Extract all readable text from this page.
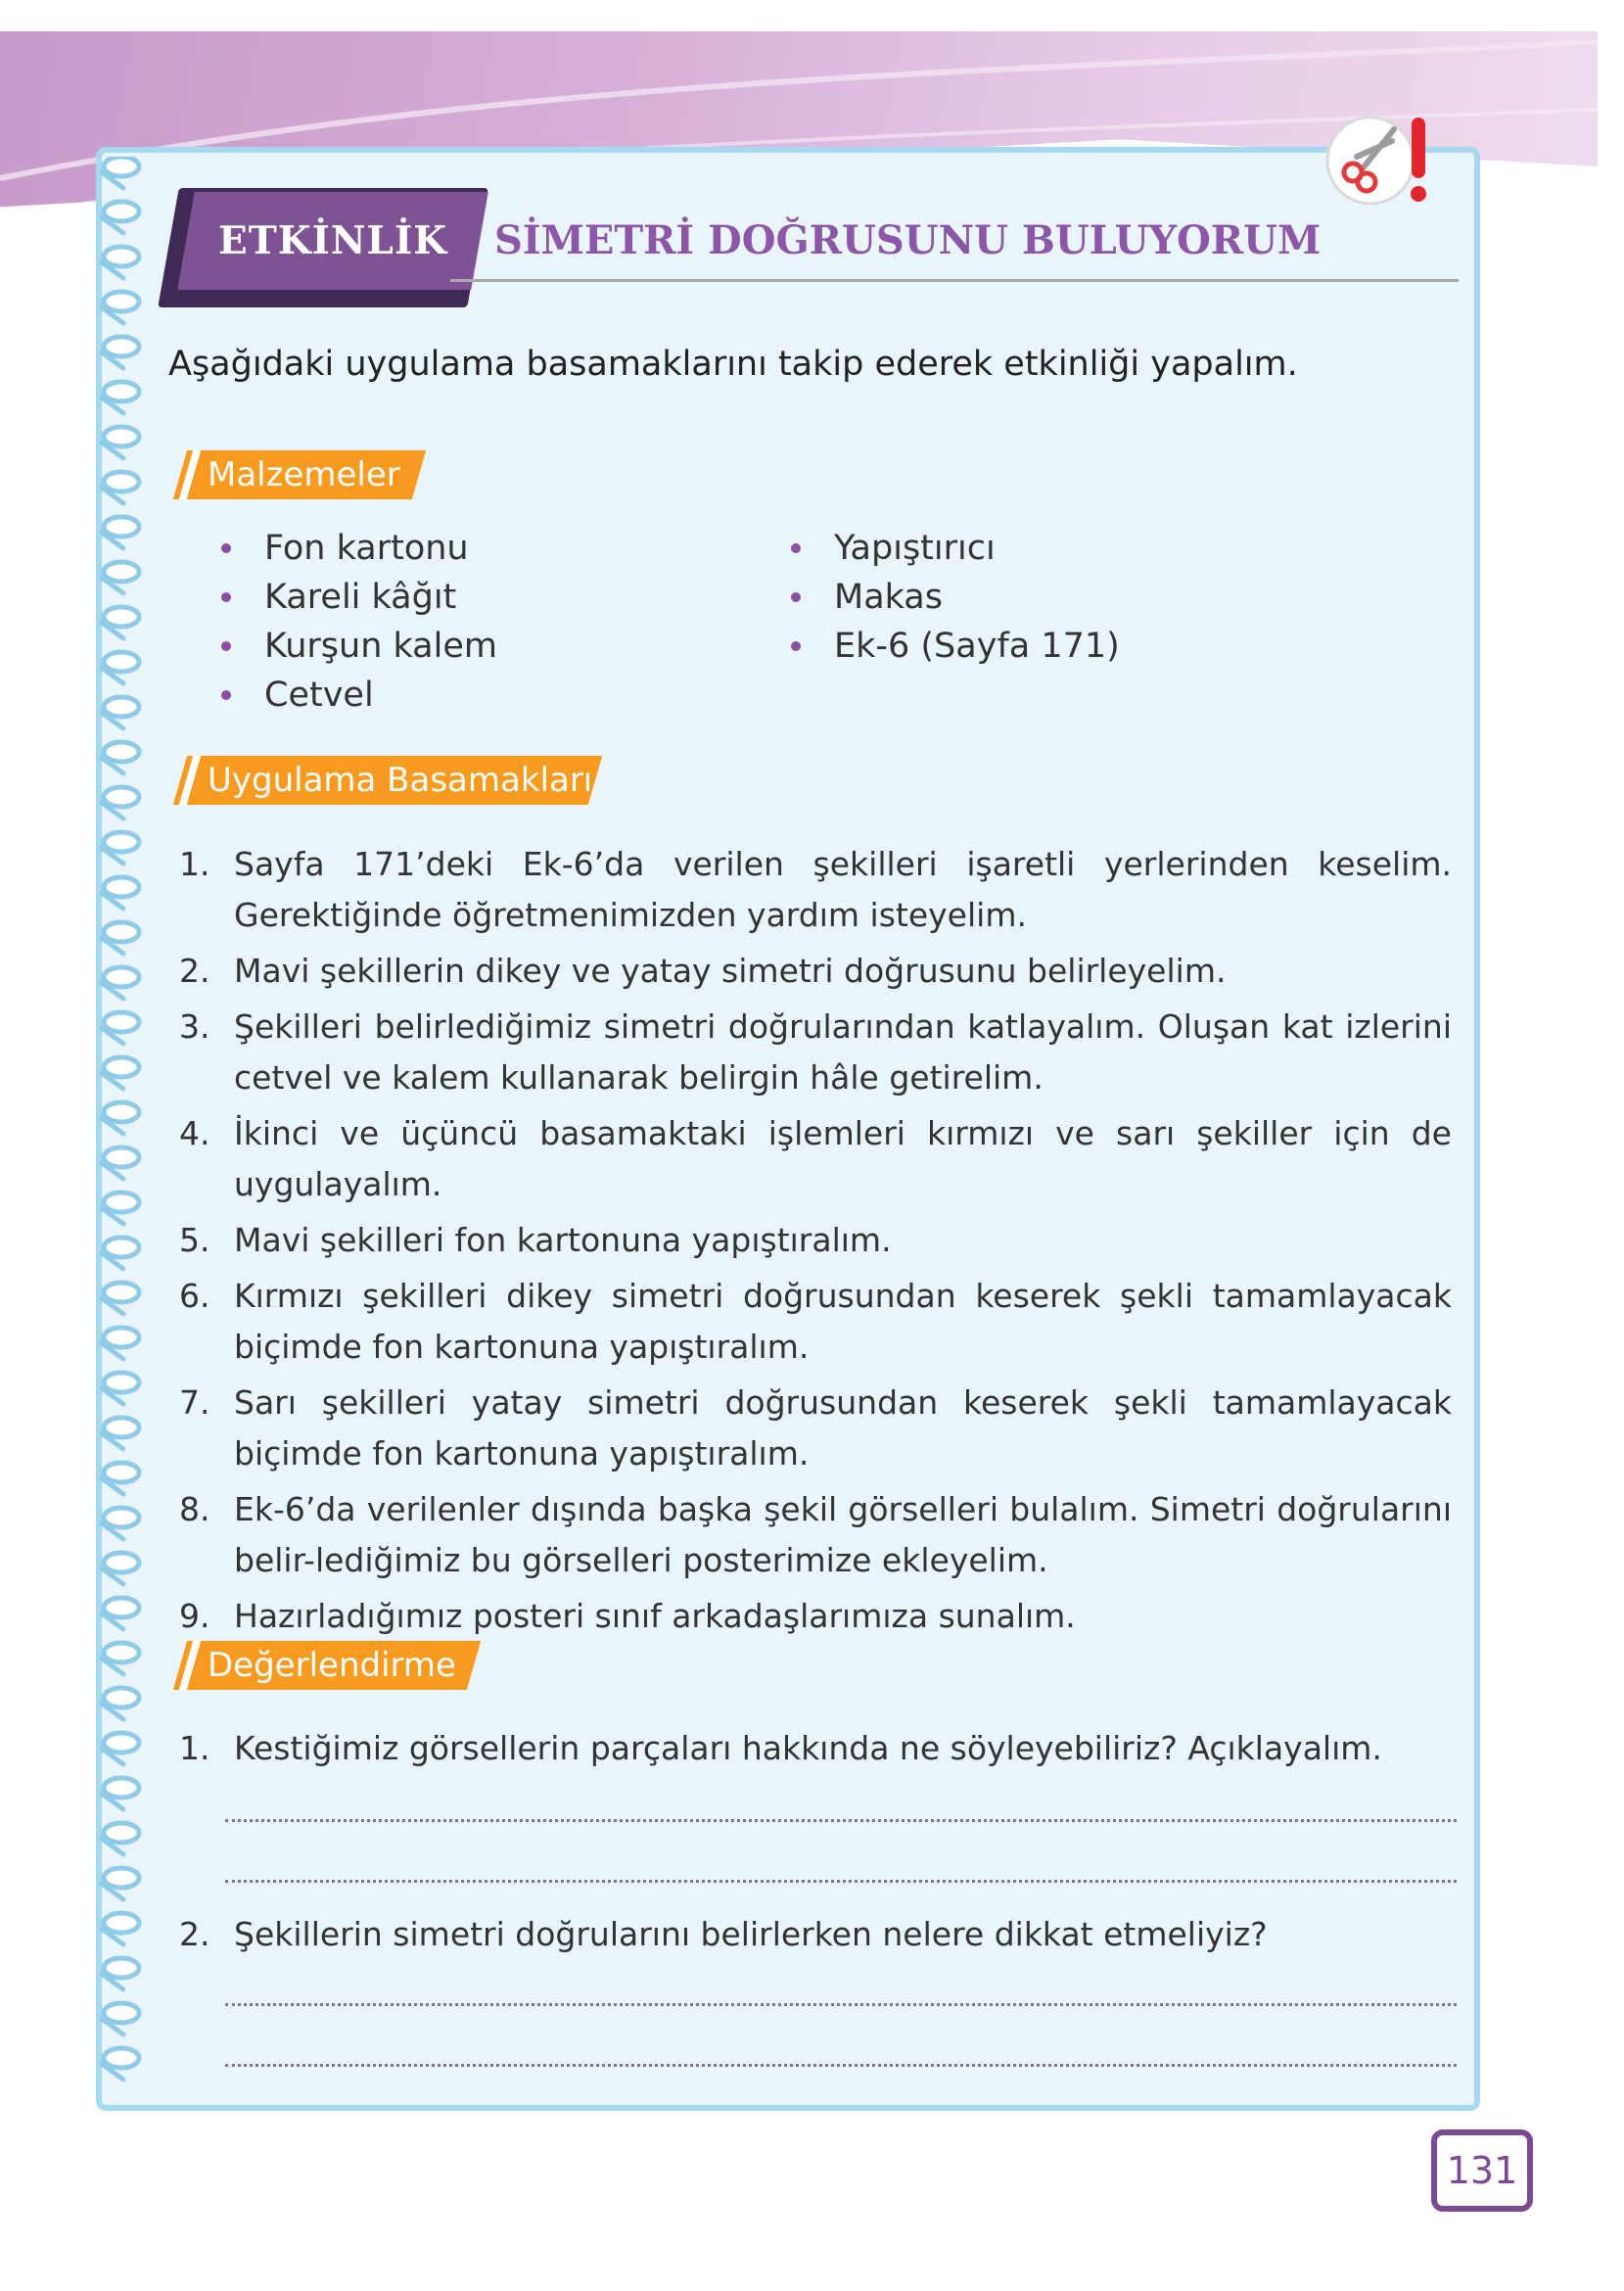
ETKİNLİK SİMETRİ DOĞRUSUNU BULUYORUM
Aşağıdaki uygulama basamaklarını takip ederek etkinliği yapalım.
Malzemeler
Fon kartonu
Kareli kâğıt
Kurşun kalem
Cetvel
Yapıştırıcı
Makas
Ek-6 (Sayfa 171)
Uygulama Basamakları
1. Sayfa 171’deki Ek-6’da verilen şekilleri işaretli yerlerinden keselim. Gerektiğinde öğretmenimizden yardım isteyelim.
2. Mavi şekillerin dikey ve yatay simetri doğrusunu belirleyelim.
3. Şekilleri belirlediğimiz simetri doğrularından katlayalım. Oluşan kat izlerini cetvel ve kalem kullanarak belirgin hâle getirelim.
4. İkinci ve üçüncü basamaktaki işlemleri kırmızı ve sarı şekiller için de uygulayalım.
5. Mavi şekilleri fon kartonuna yapıştıralım.
6. Kırmızı şekilleri dikey simetri doğrusundan keserek şekli tamamlayacak biçimde fon kartonuna yapıştıralım.
7. Sarı şekilleri yatay simetri doğrusundan keserek şekli tamamlayacak biçimde fon kartonuna yapıştıralım.
8. Ek-6’da verilenler dışında başka şekil görselleri bulalım. Simetri doğrularını belir-lediğimiz bu görselleri posterimize ekleyelim.
9. Hazırladığımız posteri sınıf arkadaşlarımıza sunalım.
Değerlendirme
1. Kestiğimiz görsellerin parçaları hakkında ne söyleyebiliriz? Açıklayalım.
2. Şekillerin simetri doğrularını belirlerken nelere dikkat etmeliyiz?
131
